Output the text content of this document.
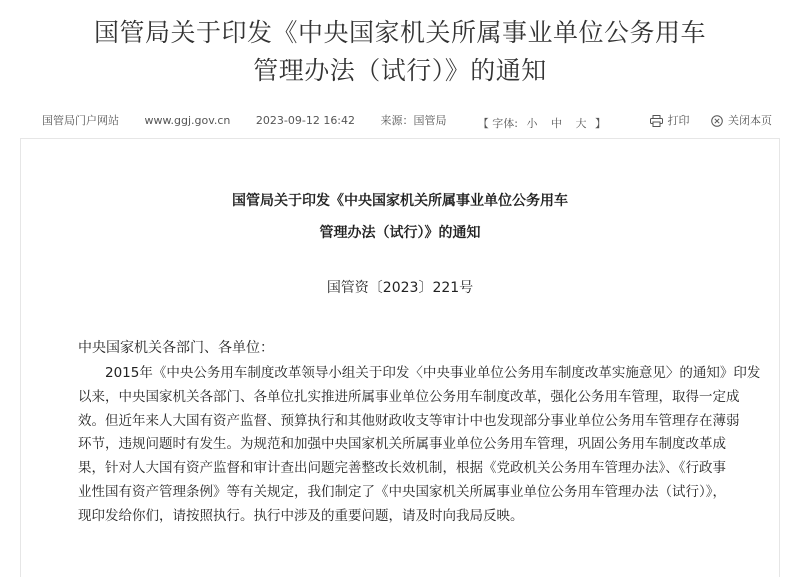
国管局关于印发《中央国家机关所属事业单位公务用车
管理办法（试行）》的通知
国管局门户网站 www.ggj.gov.cn 2023-09-12 16:42 来源：国管局	【 字体: 小 中 大 】	打印
	关闭本页
国管局关于印发《中央国家机关所属事业单位公务用车
管理办法（试行）》的通知
国管资〔2023〕221号
中央国家机关各部门、各单位：
　　2015年《中央公务用车制度改革领导小组关于印发〈中央事业单位公务用车制度改革实施意见〉的通知》印发
以来，中央国家机关各部门、各单位扎实推进所属事业单位公务用车制度改革，强化公务用车管理，取得一定成
效。但近年来人大国有资产监督、预算执行和其他财政收支等审计中也发现部分事业单位公务用车管理存在薄弱
环节，违规问题时有发生。为规范和加强中央国家机关所属事业单位公务用车管理，巩固公务用车制度改革成
果，针对人大国有资产监督和审计查出问题完善整改长效机制，根据《党政机关公务用车管理办法》、《行政事
业性国有资产管理条例》等有关规定，我们制定了《中央国家机关所属事业单位公务用车管理办法（试行）》，
现印发给你们，请按照执行。执行中涉及的重要问题，请及时向我局反映。
